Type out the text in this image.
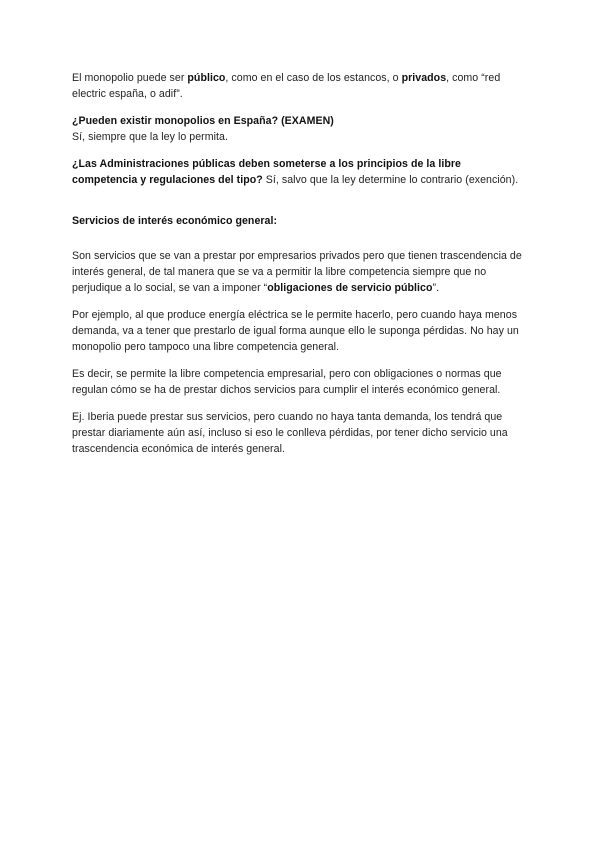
El monopolio puede ser público, como en el caso de los estancos, o privados, como “red electric españa, o adif”.

¿Pueden existir monopolios en España? (EXAMEN)

Sí, siempre que la ley lo permita.

¿Las Administraciones públicas deben someterse a los principios de la libre competencia y regulaciones del tipo? Sí, salvo que la ley determine lo contrario (exención).

Servicios de interés económico general:

Son servicios que se van a prestar por empresarios privados pero que tienen trascendencia de interés general, de tal manera que se va a permitir la libre competencia siempre que no perjudique a lo social, se van a imponer “obligaciones de servicio público”.

Por ejemplo, al que produce energía eléctrica se le permite hacerlo, pero cuando haya menos demanda, va a tener que prestarlo de igual forma aunque ello le suponga pérdidas. No hay un monopolio pero tampoco una libre competencia general.

Es decir, se permite la libre competencia empresarial, pero con obligaciones o normas que regulan cómo se ha de prestar dichos servicios para cumplir el interés económico general.

Ej. Iberia puede prestar sus servicios, pero cuando no haya tanta demanda, los tendrá que prestar diariamente aún así, incluso si eso le conlleva pérdidas, por tener dicho servicio una trascendencia económica de interés general.
